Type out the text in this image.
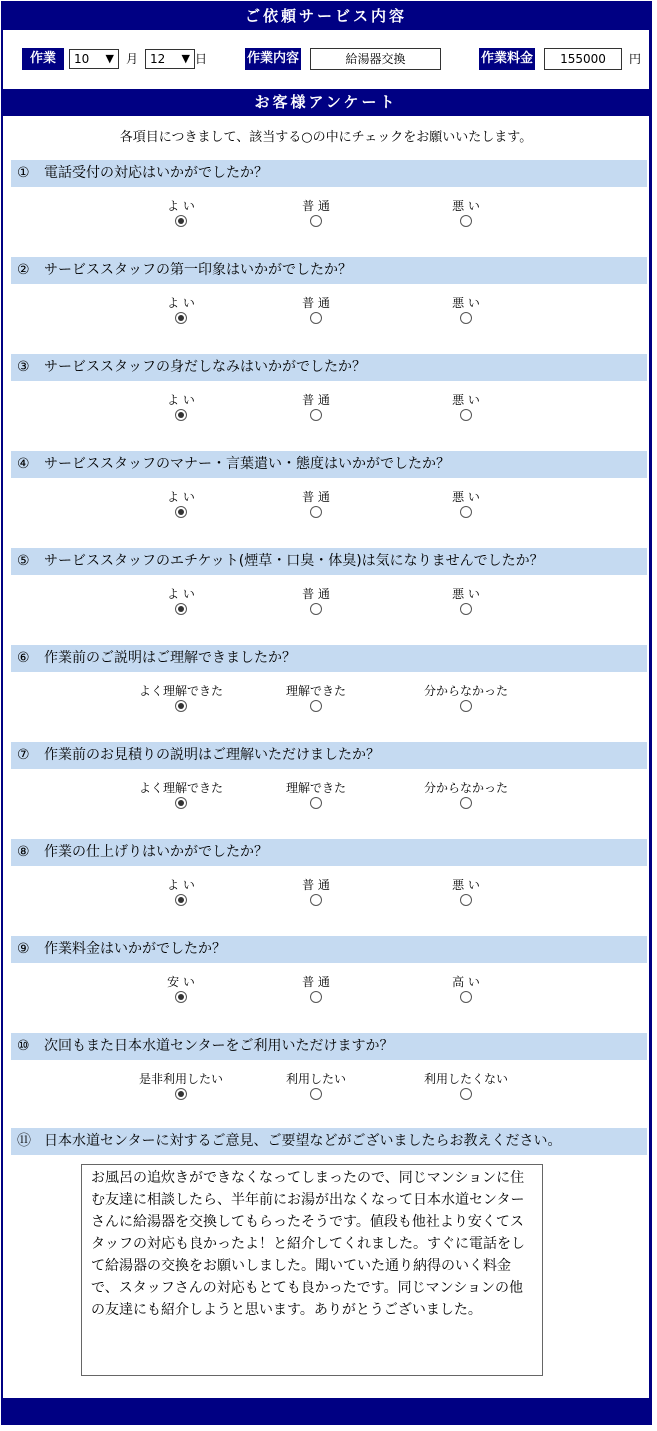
ご依頼サービス内容
作業日
10 ▼ 月 12 ▼ 日	作業内容	給湯器交換	作業料金	155000	円
お客様アンケート
各項目につきまして、該当する○の中にチェックをお願いいたします。
① 電話受付の対応はいかがでしたか？
よ い	普 通	悪 い
② サービススタッフの第一印象はいかがでしたか？
よ い	普 通	悪 い
③ サービススタッフの身だしなみはいかがでしたか？
よ い	普 通	悪 い
④ サービススタッフのマナー・言葉遣い・態度はいかがでしたか？
よ い	普 通	悪 い
⑤ サービススタッフのエチケット(煙草・口臭・体臭)は気になりませんでしたか？
よ い	普 通	悪 い
⑥ 作業前のご説明はご理解できましたか？
よく理解できた	理解できた	分からなかった
⑦ 作業前のお見積りの説明はご理解いただけましたか？
よく理解できた	理解できた	分からなかった
⑧ 作業の仕上げりはいかがでしたか？
よ い	普 通	悪 い
⑨ 作業料金はいかがでしたか？
安 い	普 通	高 い
⑩ 次回もまた日本水道センターをご利用いただけますか？
是非利用したい	利用したい	利用したくない
⑪ 日本水道センターに対するご意見、ご要望などがございましたらお教えください。
お風呂の追炊きができなくなってしまったので、同じマンションに住む友達に相談したら、半年前にお湯が出なくなって日本水道センターさんに給湯器を交換してもらったそうです。値段も他社より安くてスタッフの対応も良かったよ！と紹介してくれました。すぐに電話をして給湯器の交換をお願いしました。聞いていた通り納得のいく料金で、スタッフさんの対応もとても良かったです。同じマンションの他の友達にも紹介しようと思います。ありがとうございました。
